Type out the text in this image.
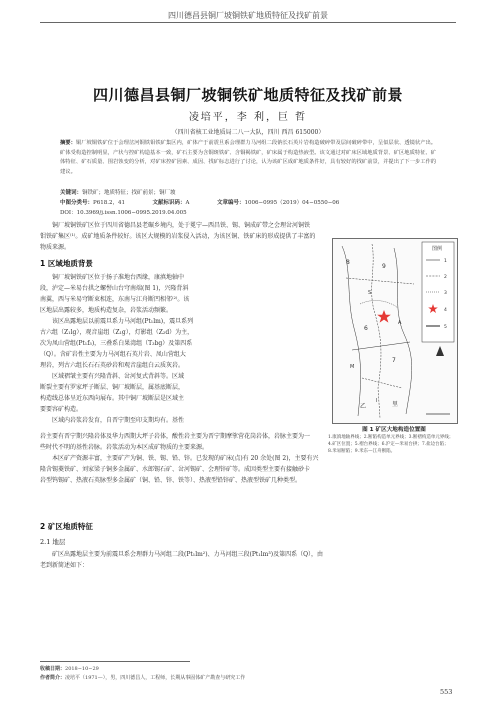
四川德昌县铜厂坡铜铁矿地质特征及找矿前景
四川德昌县铜厂坡铜铁矿地质特征及找矿前景
凌培平，李 利，巨 哲
（四川省核工业地质局二八一大队，四川 西昌 615000）
摘要：铜厂坡铜铁矿位于会理岔河铜铁钼铁矿集区内，矿体产于前震旦系会理群力马河组二段钠长石英片岩构造破碎带及层间破碎带中，呈似层状、透镜状产出。矿体受构造控制明显，产状与控矿构造基本一致，矿石主要为含铜斑铁矿、含铜褐铁矿，矿床属于构造热液型。该文通过对矿床区域地质背景、矿区地质特征、矿体特征、矿石质量、围岩蚀变的分析，对矿床控矿因素、成因、找矿标志进行了讨论，认为该矿区成矿地质条件好，具有较好的找矿前景，并提出了下一步工作的建议。
关键词：铜铁矿；地质特征；找矿前景；铜厂坡
中图分类号：P618.2，41	文献标识码：A	文章编号：1006−0995（2019）04−0550−06
DOI：10.3969/j.issn.1006−0995.2019.04.005
铜厂坡铜铁矿区位于四川省德昌县老碾乡境内，处于冕宁—西昌铁、锡、铜成矿带之会理岔河铜铁
钼铁矿集区⁽¹⁾。成矿地质条件较好。该区大规模的岩浆侵入活动，为该区铜、铁矿床的形成提供了丰富的
物质来源。
1 区域地质背景
铜厂坡铜铁矿区位于扬子准地台西缘，康滇地轴中
段，泸定—米易台拱之螺髻山台穹南端(图 1)，兴隆背斜
南翼，西与米易穹断束相连，东南与江舟断凹相邻⁽²⁾。该
区地层出露较多，地质构造复杂，岩浆活动频繁。
该区出露地层以前震旦系力马河组(Pt₁lm)，震旦系列
古六组（Z₁lg），观音崖组（Z₁g），灯影组（Z₂d）为主，
次为凤山营组(Pt₁f₃)，三叠系白果湾组（T₃bg）及第四系
（Q）。含矿岩性主要为力马河组石英片岩、凤山营组大
理岩，列古六组长石石英砂岩和观音崖组白云质灰岩。
区域褶皱主要有兴隆背斜、岔河复式背斜等。区域
断裂主要有罗家坪子断层、铜厂坡断层，属基底断层，
构造线总体呈近东西向展布。其中铜厂坡断层是区域主
要要容矿构造。
区域内岩浆岩发育，自晋宁期至印支期均有。基性
岩主要有晋宁期兴隆岩体及华力西期大坪子岩体，酸性岩主要为晋宁期摩挲营花岗岩体，岩脉主要为一
些时代不明的基性岩脉。岩浆活动为本区成矿物质的主要来源。
本区矿产资源丰富，主要矿产为铜、铁、锡、铅、锌。已发现的矿床(点)有 20 余处(图 2)，主要有兴
隆含锡菱铁矿、刘家梁子铜多金属矿、水郎锡石矿、岔河锡矿、会理锌矿等。成因类型主要有接触砂卡
岩型钨锡矿、热液石英脉型多金属矿（铜、铅、锌、铁等）、热液型铅锌矿、热液型铁矿几种类型。
2 矿区地质特征
2.1 地层
矿区出露地层主要为前震旦系会理群力马河组二段(Pt₁lm²)、力马河组三段(Pt₁lm³)及第四系（Q），由
老到新简述如下：
8
9
6
7
S
M
A
I
乙	里
图例
1
2
3
4
5
图 1 矿区大地构造位置图
1.康滇地轴界线；2.断陷构造单元界线；3.断褶构造单元界线；
4.矿区位置；5.褶台界线；6.沪定—米易台拱；7.盐边台陷；
8.米易断陷；9.米东—江舟断陷。
收稿日期：2018−10−29
作者简介：凌培平（1971—），男，四川德昌人，工程师，长期从事固体矿产勘查与研究工作
553
